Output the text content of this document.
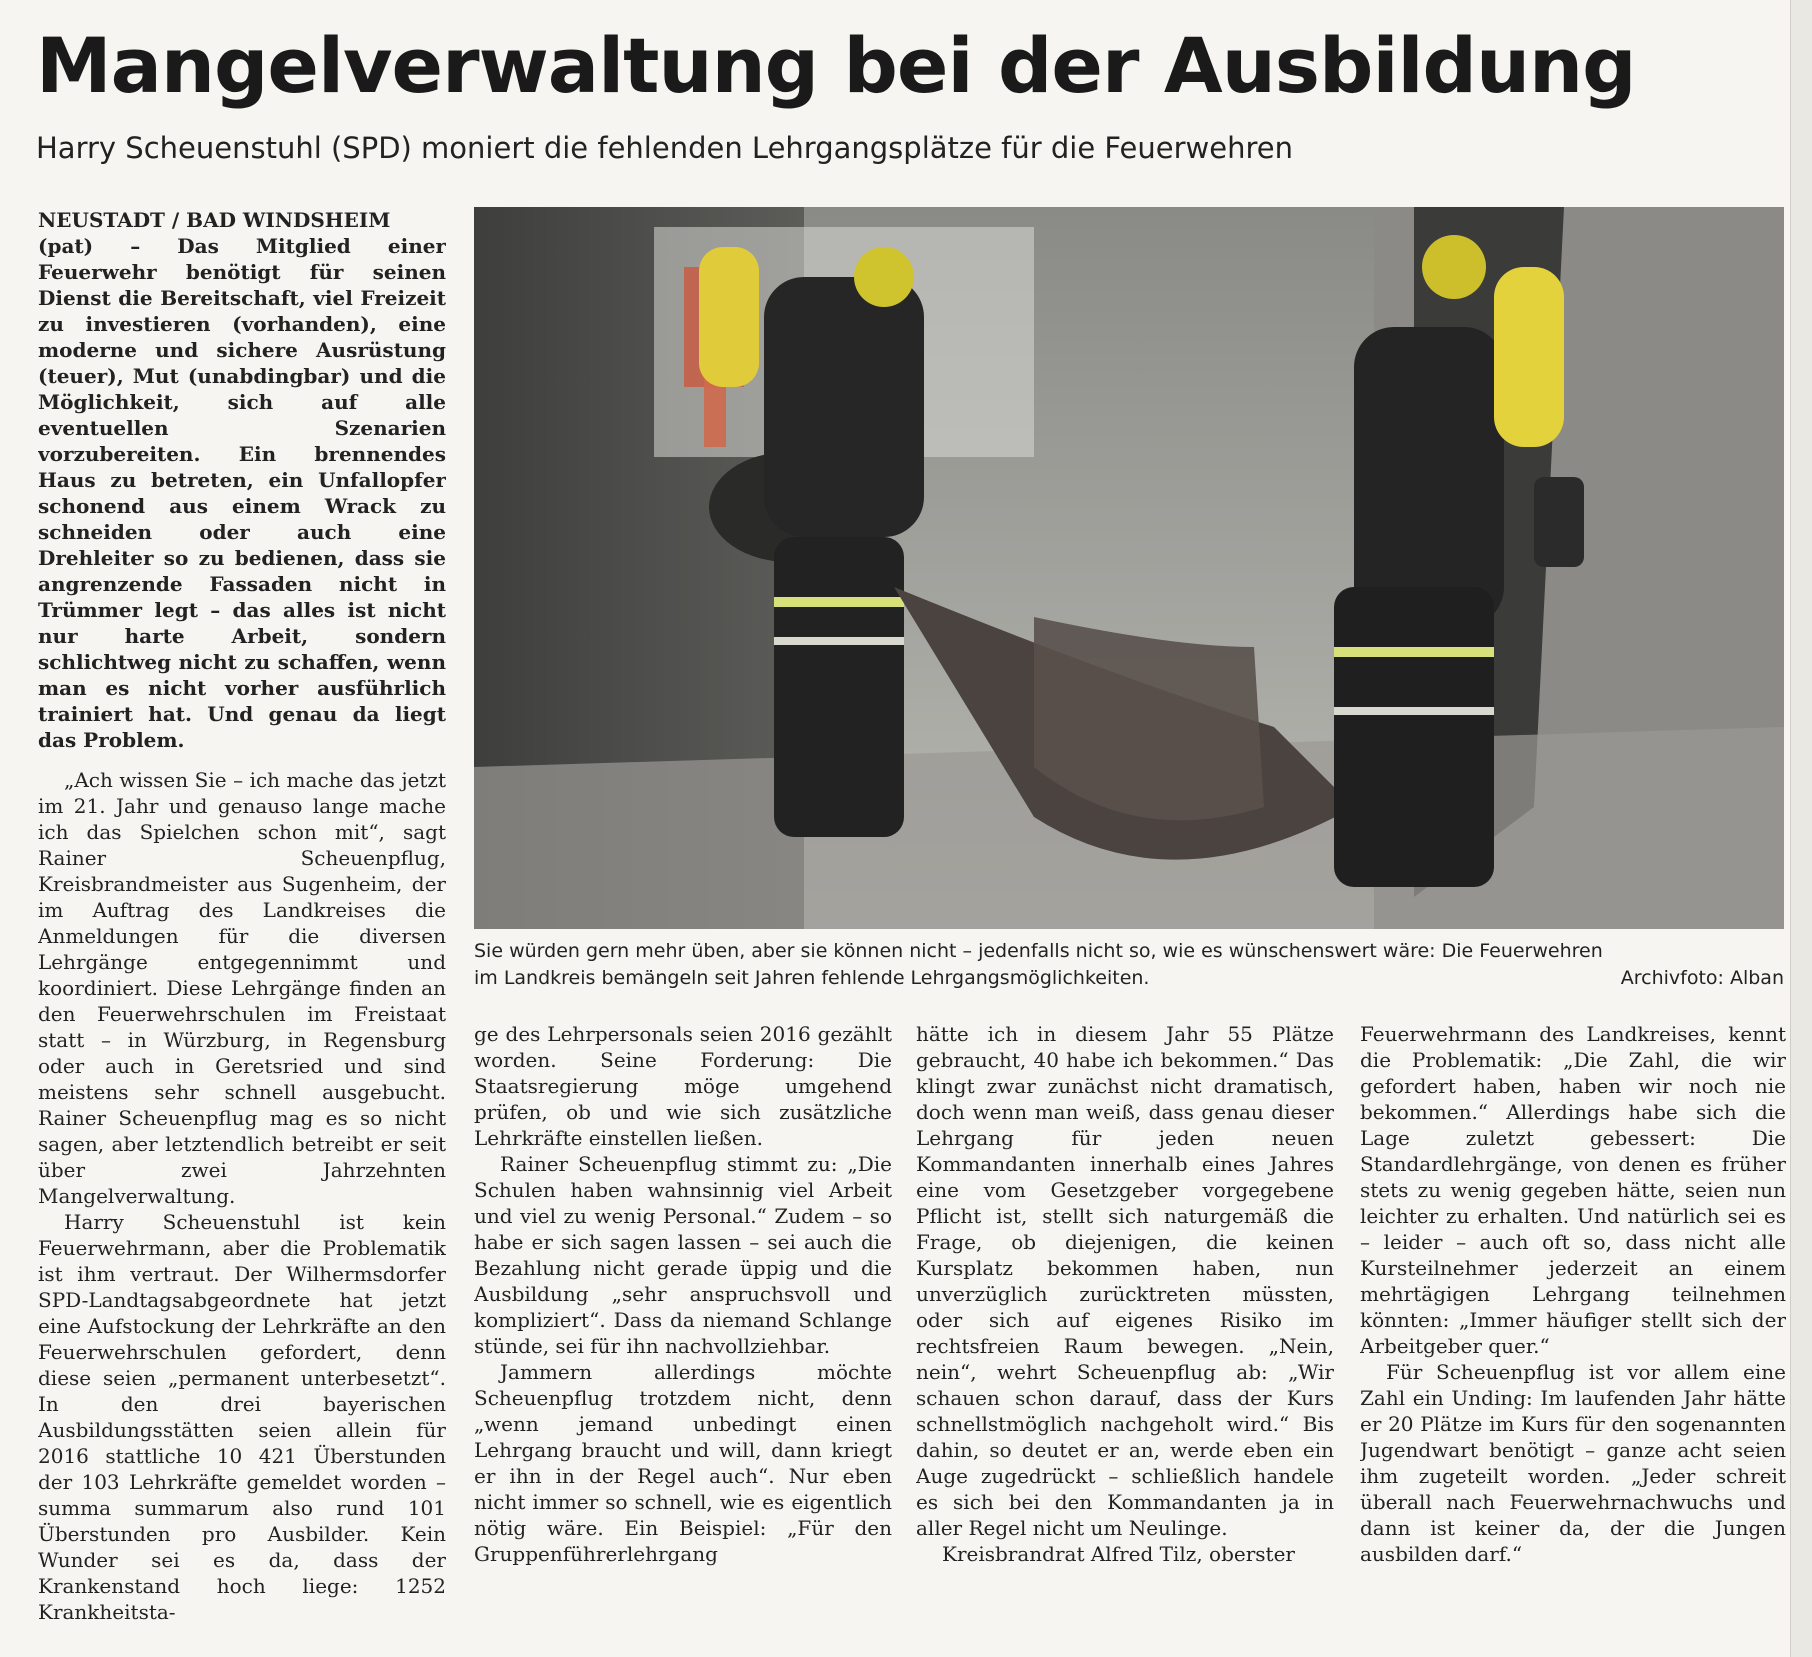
Mangelverwaltung bei der Ausbildung
Harry Scheuenstuhl (SPD) moniert die fehlenden Lehrgangsplätze für die Feuerwehren

NEUSTADT / BAD WINDSHEIM
(pat) – Das Mitglied einer Feuerwehr benötigt für seinen Dienst die Bereitschaft, viel Freizeit zu investieren (vorhanden), eine moderne und sichere Ausrüstung (teuer), Mut (unabdingbar) und die Möglichkeit, sich auf alle eventuellen Szenarien vorzubereiten. Ein brennendes Haus zu betreten, ein Unfallopfer schonend aus einem Wrack zu schneiden oder auch eine Drehleiter so zu bedienen, dass sie angrenzende Fassaden nicht in Trümmer legt – das alles ist nicht nur harte Arbeit, sondern schlichtweg nicht zu schaffen, wenn man es nicht vorher ausführlich trainiert hat. Und genau da liegt das Problem.

„Ach wissen Sie – ich mache das jetzt im 21. Jahr und genauso lange mache ich das Spielchen schon mit“, sagt Rainer Scheuenpflug, Kreisbrandmeister aus Sugenheim, der im Auftrag des Landkreises die Anmeldungen für die diversen Lehrgänge entgegennimmt und koordiniert. Diese Lehrgänge finden an den Feuerwehrschulen im Freistaat statt – in Würzburg, in Regensburg oder auch in Geretsried und sind meistens sehr schnell ausgebucht. Rainer Scheuenpflug mag es so nicht sagen, aber letztendlich betreibt er seit über zwei Jahrzehnten Mangelverwaltung.

Harry Scheuenstuhl ist kein Feuerwehrmann, aber die Problematik ist ihm vertraut. Der Wilhermsdorfer SPD-Landtagsabgeordnete hat jetzt eine Aufstockung der Lehrkräfte an den Feuerwehrschulen gefordert, denn diese seien „permanent unterbesetzt“. In den drei bayerischen Ausbildungsstätten seien allein für 2016 stattliche 10 421 Überstunden der 103 Lehrkräfte gemeldet worden – summa summarum also rund 101 Überstunden pro Ausbilder. Kein Wunder sei es da, dass der Krankenstand hoch liege: 1252 Krankheitsta-

Sie würden gern mehr üben, aber sie können nicht – jedenfalls nicht so, wie es wünschenswert wäre: Die Feuerwehren
im Landkreis bemängeln seit Jahren fehlende Lehrgangsmöglichkeiten.	Archivfoto: Alban

ge des Lehrpersonals seien 2016 gezählt worden. Seine Forderung: Die Staatsregierung möge umgehend prüfen, ob und wie sich zusätzliche Lehrkräfte einstellen ließen.

Rainer Scheuenpflug stimmt zu: „Die Schulen haben wahnsinnig viel Arbeit und viel zu wenig Personal.“ Zudem – so habe er sich sagen lassen – sei auch die Bezahlung nicht gerade üppig und die Ausbildung „sehr anspruchsvoll und kompliziert“. Dass da niemand Schlange stünde, sei für ihn nachvollziehbar.

Jammern allerdings möchte Scheuenpflug trotzdem nicht, denn „wenn jemand unbedingt einen Lehrgang braucht und will, dann kriegt er ihn in der Regel auch“. Nur eben nicht immer so schnell, wie es eigentlich nötig wäre. Ein Beispiel: „Für den Gruppenführerlehrgang

hätte ich in diesem Jahr 55 Plätze gebraucht, 40 habe ich bekommen.“ Das klingt zwar zunächst nicht dramatisch, doch wenn man weiß, dass genau dieser Lehrgang für jeden neuen Kommandanten innerhalb eines Jahres eine vom Gesetzgeber vorgegebene Pflicht ist, stellt sich naturgemäß die Frage, ob diejenigen, die keinen Kursplatz bekommen haben, nun unverzüglich zurücktreten müssten, oder sich auf eigenes Risiko im rechtsfreien Raum bewegen. „Nein, nein“, wehrt Scheuenpflug ab: „Wir schauen schon darauf, dass der Kurs schnellstmöglich nachgeholt wird.“ Bis dahin, so deutet er an, werde eben ein Auge zugedrückt – schließlich handele es sich bei den Kommandanten ja in aller Regel nicht um Neulinge.

Kreisbrandrat Alfred Tilz, oberster

Feuerwehrmann des Landkreises, kennt die Problematik: „Die Zahl, die wir gefordert haben, haben wir noch nie bekommen.“ Allerdings habe sich die Lage zuletzt gebessert: Die Standardlehrgänge, von denen es früher stets zu wenig gegeben hätte, seien nun leichter zu erhalten. Und natürlich sei es – leider – auch oft so, dass nicht alle Kursteilnehmer jederzeit an einem mehrtägigen Lehrgang teilnehmen könnten: „Immer häufiger stellt sich der Arbeitgeber quer.“

Für Scheuenpflug ist vor allem eine Zahl ein Unding: Im laufenden Jahr hätte er 20 Plätze im Kurs für den sogenannten Jugendwart benötigt – ganze acht seien ihm zugeteilt worden. „Jeder schreit überall nach Feuerwehrnachwuchs und dann ist keiner da, der die Jungen ausbilden darf.“
